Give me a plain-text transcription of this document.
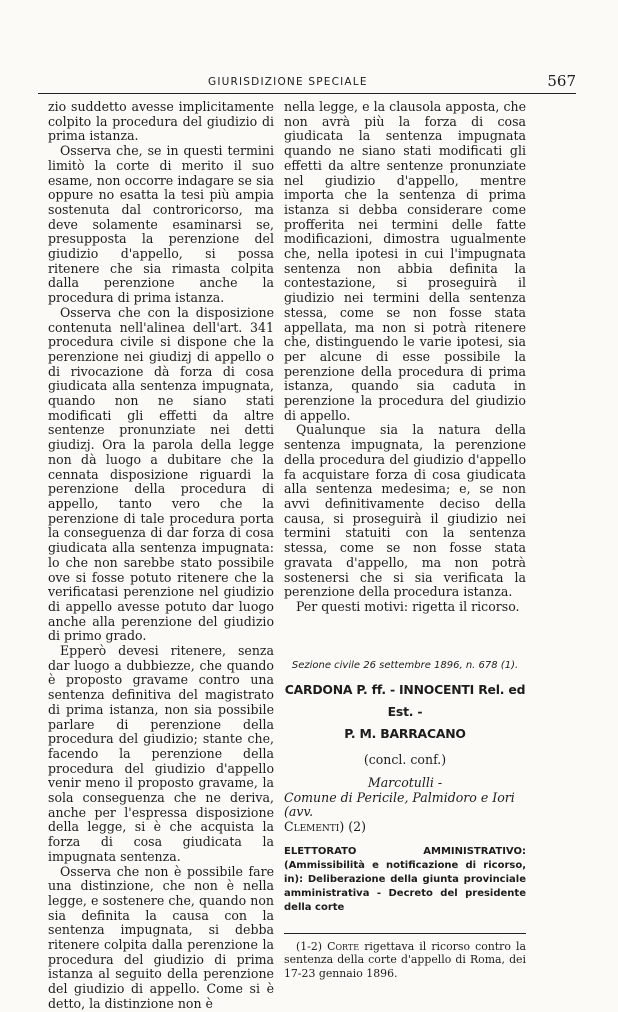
GIURISDIZIONE SPECIALE	567

zio suddetto avesse implicitamente colpito la procedura del giudizio di prima istanza.

Osserva che, se in questi termini limitò la corte di merito il suo esame, non occorre indagare se sia oppure no esatta la tesi più ampia sostenuta dal controricorso, ma deve solamente esaminarsi se, presupposta la perenzione del giudizio d'appello, si possa ritenere che sia rimasta colpita dalla perenzione anche la procedura di prima istanza.

Osserva che con la disposizione contenuta nell'alinea dell'art. 341 procedura civile si dispone che la perenzione nei giudizj di appello o di rivocazione dà forza di cosa giudicata alla sentenza impugnata, quando non ne siano stati modificati gli effetti da altre sentenze pronunziate nei detti giudizj. Ora la parola della legge non dà luogo a dubitare che la cennata disposizione riguardi la perenzione della procedura di appello, tanto vero che la perenzione di tale procedura porta la conseguenza di dar forza di cosa giudicata alla sentenza impugnata: lo che non sarebbe stato possibile ove si fosse potuto ritenere che la verificatasi perenzione nel giudizio di appello avesse potuto dar luogo anche alla perenzione del giudizio di primo grado.

Epperò devesi ritenere, senza dar luogo a dubbiezze, che quando è proposto gravame contro una sentenza definitiva del magistrato di prima istanza, non sia possibile parlare di perenzione della procedura del giudizio; stante che, facendo la perenzione della procedura del giudizio d'appello venir meno il proposto gravame, la sola conseguenza che ne deriva, anche per l'espressa disposizione della legge, si è che acquista la forza di cosa giudicata la impugnata sentenza.

Osserva che non è possibile fare una distinzione, che non è nella legge, e sostenere che, quando non sia definita la causa con la sentenza impugnata, si debba ritenere colpita dalla perenzione la procedura del giudizio di prima istanza al seguito della perenzione del giudizio di appello. Come si è detto, la distinzione non è

nella legge, e la clausola apposta, che non avrà più la forza di cosa giudicata la sentenza impugnata quando ne siano stati modificati gli effetti da altre sentenze pronunziate nel giudizio d'appello, mentre importa che la sentenza di prima istanza si debba considerare come profferita nei termini delle fatte modificazioni, dimostra ugualmente che, nella ipotesi in cui l'impugnata sentenza non abbia definita la contestazione, si proseguirà il giudizio nei termini della sentenza stessa, come se non fosse stata appellata, ma non si potrà ritenere che, distinguendo le varie ipotesi, sia per alcune di esse possibile la perenzione della procedura di prima istanza, quando sia caduta in perenzione la procedura del giudizio di appello.

Qualunque sia la natura della sentenza impugnata, la perenzione della procedura del giudizio d'appello fa acquistare forza di cosa giudicata alla sentenza medesima; e, se non avvi definitivamente deciso della causa, si proseguirà il giudizio nei termini statuiti con la sentenza stessa, come se non fosse stata gravata d'appello, ma non potrà sostenersi che si sia verificata la perenzione della procedura istanza.

Per questi motivi: rigetta il ricorso.

Sezione civile 26 settembre 1896, n. 678 (1).
CARDONA P. ff. - INNOCENTI Rel. ed Est. -
P. M. BARRACANO
(concl. conf.)
Marcotulli -
Comune di Pericile, Palmidoro e Iori (avv.
Clementi) (2)
ELETTORATO AMMINISTRATIVO: (Ammissibilità e notificazione di ricorso, in): Deliberazione della giunta provinciale amministrativa - Decreto del presidente della corte

(1-2) Corte rigettava il ricorso contro la sentenza della corte d'appello di Roma, dei 17-23 gennaio 1896.
